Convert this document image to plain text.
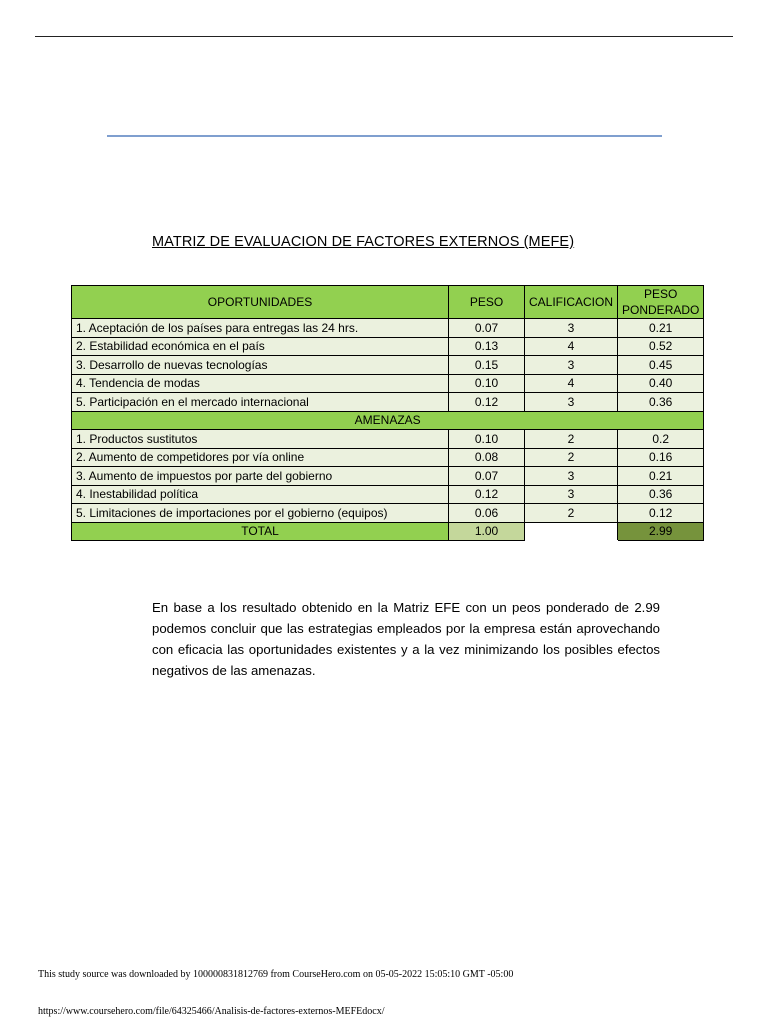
MATRIZ DE EVALUACION DE FACTORES EXTERNOS (MEFE)
OPORTUNIDADES	PESO	CALIFICACION	PESO
PONDERADO
1. Aceptación de los países para entregas las 24 hrs.	0.07	3	0.21
2. Estabilidad económica en el país	0.13	4	0.52
3. Desarrollo de nuevas tecnologías	0.15	3	0.45
4. Tendencia de modas	0.10	4	0.40
5. Participación en el mercado internacional	0.12	3	0.36
AMENAZAS			
1. Productos sustitutos	0.10	2	0.2
2. Aumento de competidores por vía online	0.08	2	0.16
3. Aumento de impuestos por parte del gobierno	0.07	3	0.21
4. Inestabilidad política	0.12	3	0.36
5. Limitaciones de importaciones por el gobierno (equipos)	0.06	2	0.12
TOTAL	1.00		2.99
En base a los resultado obtenido en la Matriz EFE con un peos ponderado de 2.99 podemos concluir que las estrategias empleados por la empresa están aprovechando con eficacia las oportunidades existentes y a la vez minimizando los posibles efectos negativos de las amenazas.
This study source was downloaded by 100000831812769 from CourseHero.com on 05-05-2022 15:05:10 GMT -05:00
https://www.coursehero.com/file/64325466/Analisis-de-factores-externos-MEFEdocx/
